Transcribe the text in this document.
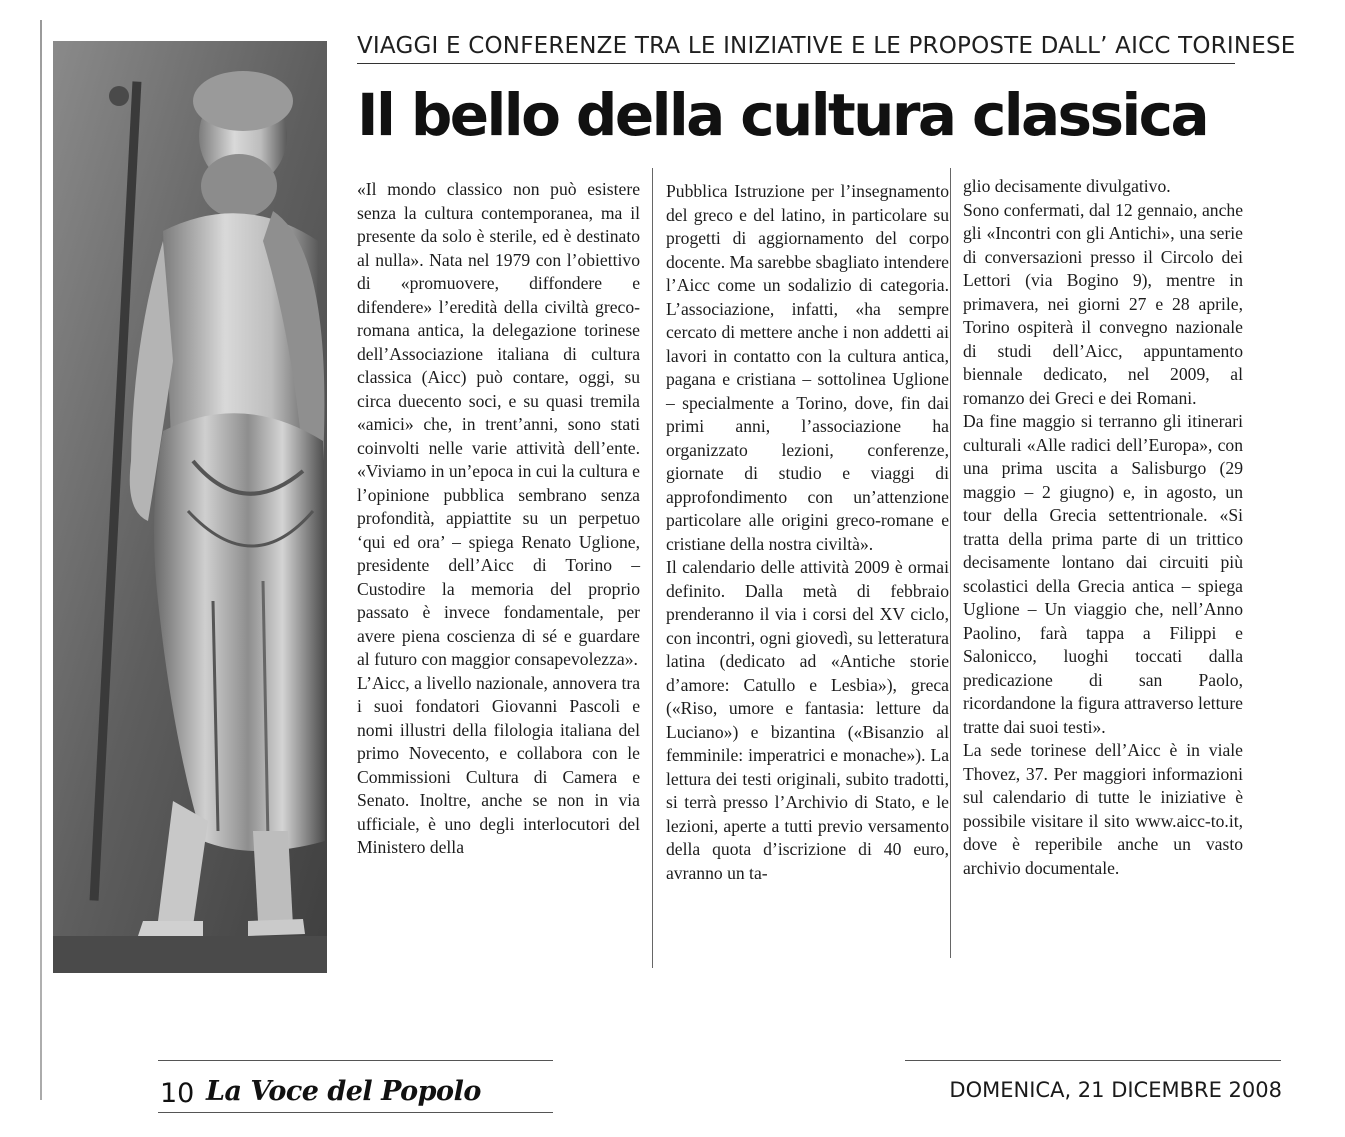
VIAGGI E CONFERENZE TRA LE INIZIATIVE E LE PROPOSTE DALL’ AICC TORINESE
Il bello della cultura classica

«Il mondo classico non può esistere senza la cultura contemporanea, ma il presente da solo è sterile, ed è destinato al nulla». Nata nel 1979 con l’obiettivo di «promuovere, diffondere e difendere» l’eredità della civiltà greco-romana antica, la delegazione torinese dell’Associazione italiana di cultura classica (Aicc) può contare, oggi, su circa duecento soci, e su quasi tremila «amici» che, in trent’anni, sono stati coinvolti nelle varie attività dell’ente. «Viviamo in un’epoca in cui la cultura e l’opinione pubblica sembrano senza profondità, appiattite su un perpetuo ‘qui ed ora’ – spiega Renato Uglione, presidente dell’Aicc di Torino – Custodire la memoria del proprio passato è invece fondamentale, per avere piena coscienza di sé e guardare al futuro con maggior consapevolezza».

L’Aicc, a livello nazionale, annovera tra i suoi fondatori Giovanni Pascoli e nomi illustri della filologia italiana del primo Novecento, e collabora con le Commissioni Cultura di Camera e Senato. Inoltre, anche se non in via ufficiale, è uno degli interlocutori del Ministero della

Pubblica Istruzione per l’insegnamento del greco e del latino, in particolare su progetti di aggiornamento del corpo docente. Ma sarebbe sbagliato intendere l’Aicc come un sodalizio di categoria. L’associazione, infatti, «ha sempre cercato di mettere anche i non addetti ai lavori in contatto con la cultura antica, pagana e cristiana – sottolinea Uglione – specialmente a Torino, dove, fin dai primi anni, l’associazione ha organizzato lezioni, conferenze, giornate di studio e viaggi di approfondimento con un’attenzione particolare alle origini greco-romane e cristiane della nostra civiltà».

Il calendario delle attività 2009 è ormai definito. Dalla metà di febbraio prenderanno il via i corsi del XV ciclo, con incontri, ogni giovedì, su letteratura latina (dedicato ad «Antiche storie d’amore: Catullo e Lesbia»), greca («Riso, umore e fantasia: letture da Luciano») e bizantina («Bisanzio al femminile: imperatrici e monache»). La lettura dei testi originali, subito tradotti, si terrà presso l’Archivio di Stato, e le lezioni, aperte a tutti previo versamento della quota d’iscrizione di 40 euro, avranno un ta-

glio decisamente divulgativo.

Sono confermati, dal 12 gennaio, anche gli «Incontri con gli Antichi», una serie di conversazioni presso il Circolo dei Lettori (via Bogino 9), mentre in primavera, nei giorni 27 e 28 aprile, Torino ospiterà il convegno nazionale di studi dell’Aicc, appuntamento biennale dedicato, nel 2009, al romanzo dei Greci e dei Romani.

Da fine maggio si terranno gli itinerari culturali «Alle radici dell’Europa», con una prima uscita a Salisburgo (29 maggio – 2 giugno) e, in agosto, un tour della Grecia settentrionale. «Si tratta della prima parte di un trittico decisamente lontano dai circuiti più scolastici della Grecia antica – spiega Uglione – Un viaggio che, nell’Anno Paolino, farà tappa a Filippi e Salonicco, luoghi toccati dalla predicazione di san Paolo, ricordandone la figura attraverso letture tratte dai suoi testi».

La sede torinese dell’Aicc è in viale Thovez, 37. Per maggiori informazioni sul calendario di tutte le iniziative è possibile visitare il sito www.aicc-to.it, dove è reperibile anche un vasto archivio documentale.

10 La Voce del Popolo	DOMENICA, 21 DICEMBRE 2008
